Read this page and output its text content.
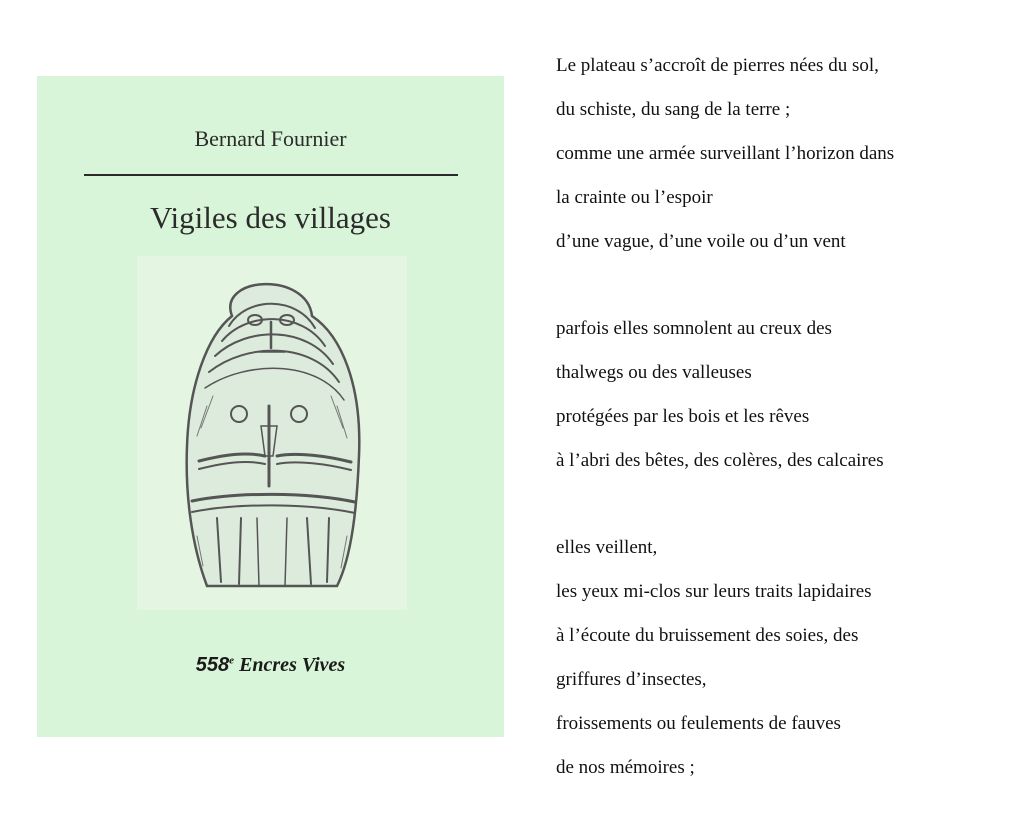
Bernard Fournier
Vigiles des villages
558e Encres Vives
Le plateau s’accroît de pierres nées du sol,
du schiste, du sang de la terre ;
comme une armée surveillant l’horizon dans
la crainte ou l’espoir
d’une vague, d’une voile ou d’un vent
parfois elles somnolent au creux des
thalwegs ou des valleuses
protégées par les bois et les rêves
à l’abri des bêtes, des colères, des calcaires
elles veillent,
les yeux mi-clos sur leurs traits lapidaires
à l’écoute du bruissement des soies, des
griffures d’insectes,
froissements ou feulements de fauves
de nos mémoires ;
